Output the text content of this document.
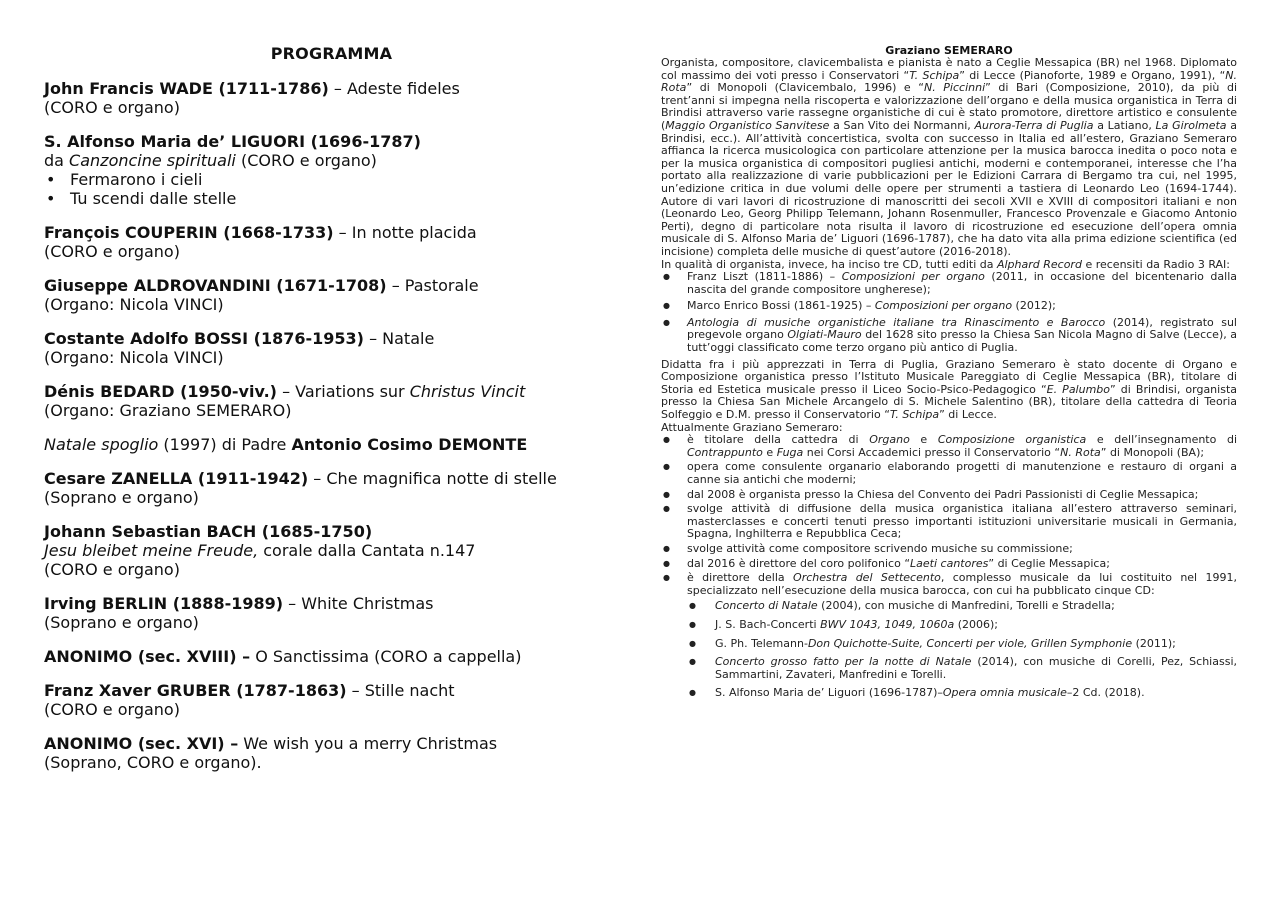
PROGRAMMA
John Francis WADE (1711-1786) – Adeste fideles
(CORO e organo)
S. Alfonso Maria de’ LIGUORI (1696-1787)
da Canzoncine spirituali (CORO e organo)
• Fermarono i cieli
• Tu scendi dalle stelle
François COUPERIN (1668-1733) – In notte placida
(CORO e organo)
Giuseppe ALDROVANDINI (1671-1708) – Pastorale
(Organo: Nicola VINCI)
Costante Adolfo BOSSI (1876-1953) – Natale
(Organo: Nicola VINCI)
Dénis BEDARD (1950-viv.) – Variations sur Christus Vincit
(Organo: Graziano SEMERARO)
Natale spoglio (1997) di Padre Antonio Cosimo DEMONTE
Cesare ZANELLA (1911-1942) – Che magnifica notte di stelle
(Soprano e organo)
Johann Sebastian BACH (1685-1750)
Jesu bleibet meine Freude, corale dalla Cantata n.147
(CORO e organo)
Irving BERLIN (1888-1989) – White Christmas
(Soprano e organo)
ANONIMO (sec. XVIII) – O Sanctissima (CORO a cappella)
Franz Xaver GRUBER (1787-1863) – Stille nacht
(CORO e organo)
ANONIMO (sec. XVI) – We wish you a merry Christmas
(Soprano, CORO e organo).
Graziano SEMERARO

Organista, compositore, clavicembalista e pianista è nato a Ceglie Messapica (BR) nel 1968. Diplomato col massimo dei voti presso i Conservatori “T. Schipa” di Lecce (Pianoforte, 1989 e Organo, 1991), “N. Rota” di Monopoli (Clavicembalo, 1996) e “N. Piccinni” di Bari (Composizione, 2010), da più di trent’anni si impegna nella riscoperta e valorizzazione dell’organo e della musica organistica in Terra di Brindisi attraverso varie rassegne organistiche di cui è stato promotore, direttore artistico e consulente (Maggio Organistico Sanvitese a San Vito dei Normanni, Aurora-Terra di Puglia a Latiano, La Girolmeta a Brindisi, ecc.). All’attività concertistica, svolta con successo in Italia ed all’estero, Graziano Semeraro affianca la ricerca musicologica con particolare attenzione per la musica barocca inedita o poco nota e per la musica organistica di compositori pugliesi antichi, moderni e contemporanei, interesse che l’ha portato alla realizzazione di varie pubblicazioni per le Edizioni Carrara di Bergamo tra cui, nel 1995, un’edizione critica in due volumi delle opere per strumenti a tastiera di Leonardo Leo (1694-1744). Autore di vari lavori di ricostruzione di manoscritti dei secoli XVII e XVIII di compositori italiani e non (Leonardo Leo, Georg Philipp Telemann, Johann Rosenmuller, Francesco Provenzale e Giacomo Antonio Perti), degno di particolare nota risulta il lavoro di ricostruzione ed esecuzione dell’opera omnia musicale di S. Alfonso Maria de’ Liguori (1696-1787), che ha dato vita alla prima edizione scientifica (ed incisione) completa delle musiche di quest’autore (2016-2018).

In qualità di organista, invece, ha inciso tre CD, tutti editi da Alphard Record e recensiti da Radio 3 RAI:

● Franz Liszt (1811-1886) – Composizioni per organo (2011, in occasione del bicentenario dalla nascita del grande compositore ungherese);
● Marco Enrico Bossi (1861-1925) – Composizioni per organo (2012);
● Antologia di musiche organistiche italiane tra Rinascimento e Barocco (2014), registrato sul pregevole organo Olgiati-Mauro del 1628 sito presso la Chiesa San Nicola Magno di Salve (Lecce), a tutt’oggi classificato come terzo organo più antico di Puglia.

Didatta fra i più apprezzati in Terra di Puglia, Graziano Semeraro è stato docente di Organo e Composizione organistica presso l’Istituto Musicale Pareggiato di Ceglie Messapica (BR), titolare di Storia ed Estetica musicale presso il Liceo Socio-Psico-Pedagogico “E. Palumbo” di Brindisi, organista presso la Chiesa San Michele Arcangelo di S. Michele Salentino (BR), titolare della cattedra di Teoria Solfeggio e D.M. presso il Conservatorio “T. Schipa” di Lecce.

Attualmente Graziano Semeraro:

● è titolare della cattedra di Organo e Composizione organistica e dell’insegnamento di Contrappunto e Fuga nei Corsi Accademici presso il Conservatorio “N. Rota” di Monopoli (BA);
● opera come consulente organario elaborando progetti di manutenzione e restauro di organi a canne sia antichi che moderni;
● dal 2008 è organista presso la Chiesa del Convento dei Padri Passionisti di Ceglie Messapica;
● svolge attività di diffusione della musica organistica italiana all’estero attraverso seminari, masterclasses e concerti tenuti presso importanti istituzioni universitarie musicali in Germania, Spagna, Inghilterra e Repubblica Ceca;
● svolge attività come compositore scrivendo musiche su commissione;
● dal 2016 è direttore del coro polifonico “Laeti cantores” di Ceglie Messapica;
● è direttore della Orchestra del Settecento, complesso musicale da lui costituito nel 1991, specializzato nell’esecuzione della musica barocca, con cui ha pubblicato cinque CD:
● Concerto di Natale (2004), con musiche di Manfredini, Torelli e Stradella;
● J. S. Bach-Concerti BWV 1043, 1049, 1060a (2006);
● G. Ph. Telemann-Don Quichotte-Suite, Concerti per viole, Grillen Symphonie (2011);
● Concerto grosso fatto per la notte di Natale (2014), con musiche di Corelli, Pez, Schiassi, Sammartini, Zavateri, Manfredini e Torelli.
● S. Alfonso Maria de’ Liguori (1696-1787)–Opera omnia musicale–2 Cd. (2018).
